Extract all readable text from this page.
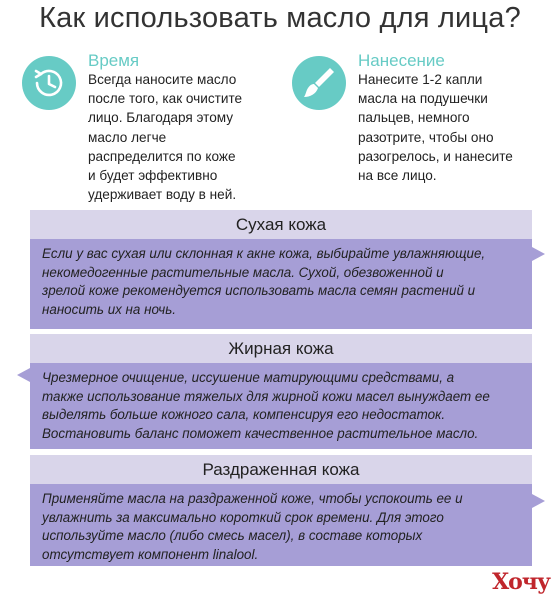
Как использовать масло для лица?
Время
Всегда наносите масло
после того, как очистите
лицо. Благодаря этому
масло легче
распределится по коже
и будет эффективно
удерживает воду в ней.
Нанесение
Нанесите 1-2 капли
масла на подушечки
пальцев, немного
разотрите, чтобы оно
разогрелось, и нанесите
на все лицо.
Сухая кожа
Если у вас сухая или склонная к акне кожа, выбирайте увлажняющие,
некомедогенные растительные масла. Сухой, обезвоженной и
зрелой коже рекомендуется использовать масла семян растений и
наносить их на ночь.
Жирная кожа
Чрезмерное очищение, иссушение матирующими средствами, а
также использование тяжелых для жирной кожи масел вынуждает ее
выделять больше кожного сала, компенсируя его недостаток.
Востановить баланс поможет качественное растительное масло.
Раздраженная кожа
Применяйте масла на раздраженной коже, чтобы успокоить ее и
увлажнить за максимально короткий срок времени. Для этого
используйте масло (либо смесь масел), в составе которых
отсутствует компонент linalool.
Хочу
